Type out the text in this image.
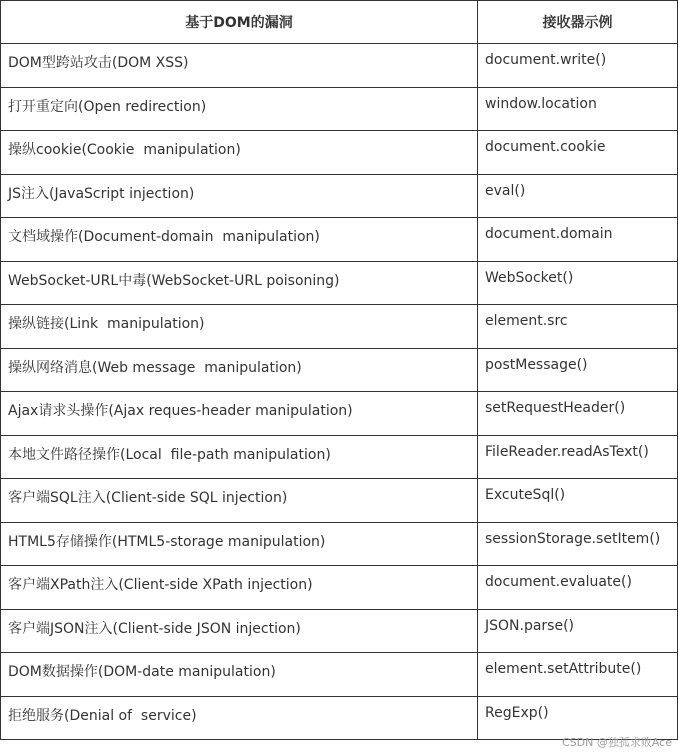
基于DOM的漏洞	接收器示例
DOM型跨站攻击(DOM XSS)	document.write()
打开重定向(Open redirection)	window.location
操纵cookie(Cookie  manipulation)	document.cookie
JS注入(JavaScript injection)	eval()
文档域操作(Document-domain  manipulation)	document.domain
WebSocket-URL中毒(WebSocket-URL poisoning)	WebSocket()
操纵链接(Link  manipulation)	element.src
操纵网络消息(Web message  manipulation)	postMessage()
Ajax请求头操作(Ajax reques-header manipulation)	setRequestHeader()
本地文件路径操作(Local  file-path manipulation)	FileReader.readAsText()
客户端SQL注入(Client-side SQL injection)	ExcuteSql()
HTML5存储操作(HTML5-storage manipulation)	sessionStorage.setItem()
客户端XPath注入(Client-side XPath injection)	document.evaluate()
客户端JSON注入(Client-side JSON injection)	JSON.parse()
DOM数据操作(DOM-date manipulation)	element.setAttribute()
拒绝服务(Denial of  service)	RegExp()
CSDN @独孤求败Ace
